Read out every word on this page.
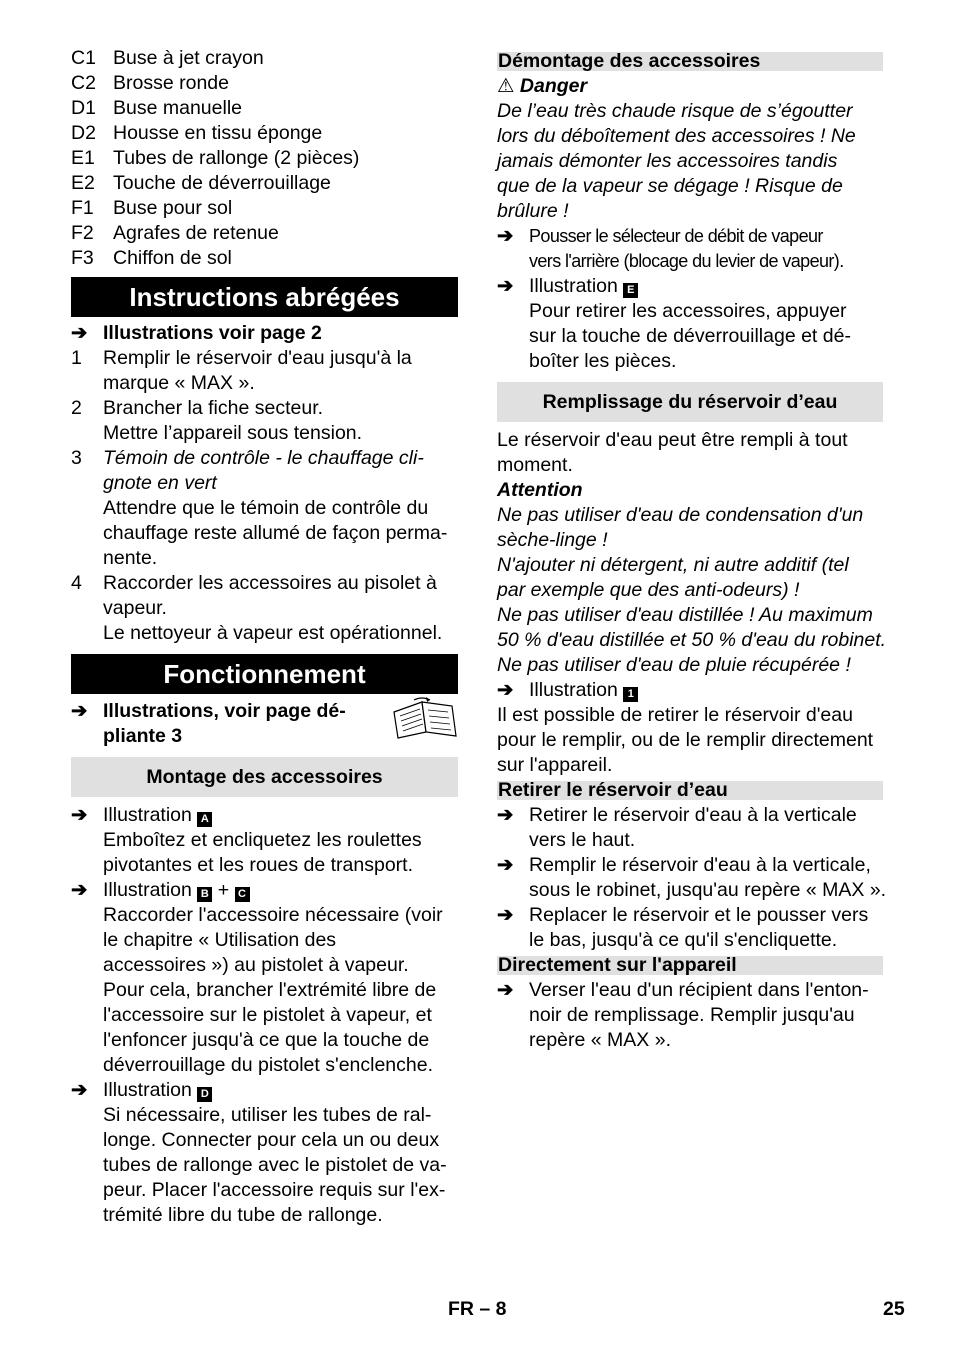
C1 Buse à jet crayon
C2 Brosse ronde
D1 Buse manuelle
D2 Housse en tissu éponge
E1 Tubes de rallonge (2 pièces)
E2 Touche de déverrouillage
F1 Buse pour sol
F2 Agrafes de retenue
F3 Chiffon de sol
Instructions abrégées
➔ Illustrations voir page 2
1 Remplir le réservoir d'eau jusqu'à la
marque « MAX ».
2 Brancher la fiche secteur.
Mettre l’appareil sous tension.
3 Témoin de contrôle - le chauffage cli-
gnote en vert
Attendre que le témoin de contrôle du
chauffage reste allumé de façon perma-
nente.
4 Raccorder les accessoires au pisolet à
vapeur.
Le nettoyeur à vapeur est opérationnel.
Fonctionnement
➔ Illustrations, voir page dé-
pliante 3
Montage des accessoires
➔ Illustration A
Emboîtez et encliquetez les roulettes
pivotantes et les roues de transport.
➔ Illustration B + C
Raccorder l'accessoire nécessaire (voir
le chapitre « Utilisation des
accessoires ») au pistolet à vapeur.
Pour cela, brancher l'extrémité libre de
l'accessoire sur le pistolet à vapeur, et
l'enfoncer jusqu'à ce que la touche de
déverrouillage du pistolet s'enclenche.
➔ Illustration D
Si nécessaire, utiliser les tubes de ral-
longe. Connecter pour cela un ou deux
tubes de rallonge avec le pistolet de va-
peur. Placer l'accessoire requis sur l'ex-
trémité libre du tube de rallonge.
Démontage des accessoires
⚠ Danger
De l’eau très chaude risque de s’égoutter
lors du déboîtement des accessoires ! Ne
jamais démonter les accessoires tandis
que de la vapeur se dégage ! Risque de
brûlure !
➔ Pousser le sélecteur de débit de vapeur
vers l'arrière (blocage du levier de vapeur).
➔ Illustration E
Pour retirer les accessoires, appuyer
sur la touche de déverrouillage et dé-
boîter les pièces.
Remplissage du réservoir d’eau
Le réservoir d'eau peut être rempli à tout
moment.
Attention
Ne pas utiliser d'eau de condensation d'un
sèche-linge !
N'ajouter ni détergent, ni autre additif (tel
par exemple que des anti-odeurs) !
Ne pas utiliser d'eau distillée ! Au maximum
50 % d'eau distillée et 50 % d'eau du robinet.
Ne pas utiliser d'eau de pluie récupérée !
➔ Illustration 1
Il est possible de retirer le réservoir d'eau
pour le remplir, ou de le remplir directement
sur l'appareil.
Retirer le réservoir d’eau
➔ Retirer le réservoir d'eau à la verticale
vers le haut.
➔ Remplir le réservoir d'eau à la verticale,
sous le robinet, jusqu'au repère « MAX ».
➔ Replacer le réservoir et le pousser vers
le bas, jusqu'à ce qu'il s'encliquette.
Directement sur l'appareil
➔ Verser l'eau d'un récipient dans l'enton-
noir de remplissage. Remplir jusqu'au
repère « MAX ».
FR – 8	25
